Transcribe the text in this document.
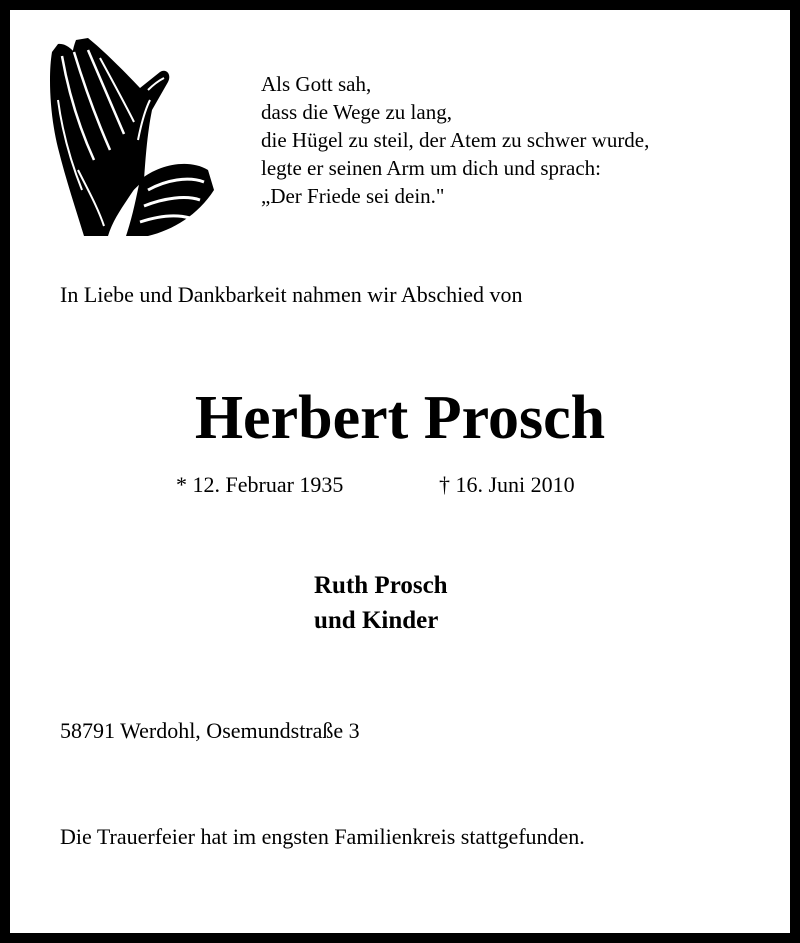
Als Gott sah,
dass die Wege zu lang,
die Hügel zu steil, der Atem zu schwer wurde,
legte er seinen Arm um dich und sprach:
„Der Friede sei dein."
In Liebe und Dankbarkeit nahmen wir Abschied von
Herbert Prosch
* 12. Februar 1935	† 16. Juni 2010
Ruth Prosch
und Kinder
58791 Werdohl, Osemundstraße 3
Die Trauerfeier hat im engsten Familienkreis stattgefunden.
